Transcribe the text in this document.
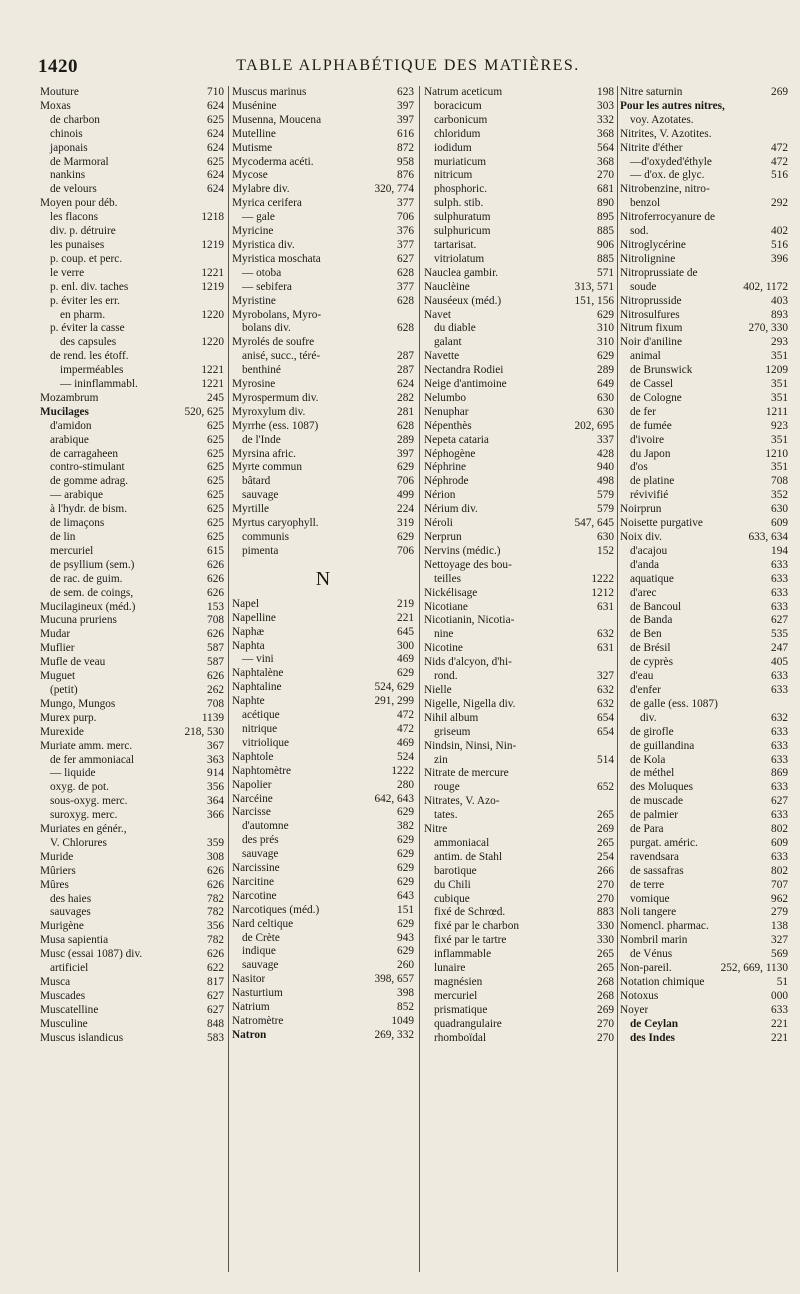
1420	TABLE ALPHABÉTIQUE DES MATIÈRES.
Mouture	710
Moxas	624
de charbon	625
chinois	624
japonais	624
de Marmoral	625
nankins	624
de velours	624
Moyen pour déb.
les flacons	1218
div. p. détruire
les punaises	1219
p. coup. et perc.
le verre	1221
p. enl. div. taches	1219
p. éviter les err.
en pharm.	1220
p. éviter la casse
des capsules	1220
de rend. les étoff.
imperméables	1221
— ininflammabl.	1221
Mozambrum	245
Mucilages	520, 625
d'amidon	625
arabique	625
de carragaheen	625
contro-stimulant	625
de gomme adrag.	625
— arabique	625
à l'hydr. de bism.	625
de limaçons	625
de lin	625
mercuriel	615
de psyllium (sem.)	626
de rac. de guim.	626
de sem. de coings,	626
Mucilagineux (méd.)	153
Mucuna pruriens	708
Mudar	626
Muflier	587
Mufle de veau	587
Muguet	626
(petit)	262
Mungo, Mungos	708
Murex purp.	1139
Murexide	218, 530
Muriate amm. merc.	367
de fer ammoniacal	363
— liquide	914
oxyg. de pot.	356
sous-oxyg. merc.	364
suroxyg. merc.	366
Muriates en génér.,
V. Chlorures	359
Muride	308
Mûriers	626
Mûres	626
des haies	782
sauvages	782
Murigène	356
Musa sapientia	782
Musc (essai 1087) div.	626
artificiel	622
Musca	817
Muscades	627
Muscatelline	627
Musculine	848
Muscus islandicus	583
Muscus marinus	623
Musénine	397
Musenna, Moucena	397
Mutelline	616
Mutisme	872
Mycoderma acéti.	958
Mycose	876
Mylabre div.	320, 774
Myrica cerifera	377
— gale	706
Myricine	376
Myristica div.	377
Myristica moschata	627
— otoba	628
— sebifera	377
Myristine	628
Myrobolans, Myro-
bolans div.	628
Myrolés de soufre
anisé, succ., téré-	287
benthiné	287
Myrosine	624
Myrospermum div.	282
Myroxylum div.	281
Myrrhe (ess. 1087)	628
de l'Inde	289
Myrsina afric.	397
Myrte commun	629
bâtard	706
sauvage	499
Myrtille	224
Myrtus caryophyll.	319
communis	629
pimenta	706
N
Napel	219
Napelline	221
Naphæ	645
Naphta	300
— vini	469
Naphtalène	629
Naphtaline	524, 629
Naphte	291, 299
acétique	472
nitrique	472
vitriolique	469
Naphtole	524
Naphtomètre	1222
Napolier	280
Narcéine	642, 643
Narcisse	629
d'automne	382
des prés	629
sauvage	629
Narcissine	629
Narcitine	629
Narcotine	643
Narcotiques (méd.)	151
Nard celtique	629
de Crète	943
indique	629
sauvage	260
Nasitor	398, 657
Nasturtium	398
Natrium	852
Natromètre	1049
Natron	269, 332
Natrum aceticum	198
boracicum	303
carbonicum	332
chloridum	368
iodidum	564
muriaticum	368
nitricum	270
phosphoric.	681
sulph. stib.	890
sulphuratum	895
sulphuricum	885
tartarisat.	906
vitriolatum	885
Nauclea gambir.	571
Nauclèine	313, 571
Nauséeux (méd.)	151, 156
Navet	629
du diable	310
galant	310
Navette	629
Nectandra Rodiei	289
Neige d'antimoine	649
Nelumbo	630
Nenuphar	630
Népenthès	202, 695
Nepeta cataria	337
Néphogène	428
Néphrine	940
Néphrode	498
Nérion	579
Nérium div.	579
Néroli	547, 645
Nerprun	630
Nervins (médic.)	152
Nettoyage des bou-
teilles	1222
Nickélisage	1212
Nicotiane	631
Nicotianin, Nicotia-
nine	632
Nicotine	631
Nids d'alcyon, d'hi-
rond.	327
Nielle	632
Nigelle, Nigella div.	632
Nihil album	654
griseum	654
Nindsin, Ninsi, Nin-
zin	514
Nitrate de mercure
rouge	652
Nitrates, V. Azo-
tates.	265
Nitre	269
ammoniacal	265
antim. de Stahl	254
barotique	266
du Chili	270
cubique	270
fixé de Schrœd.	883
fixé par le charbon	330
fixé par le tartre	330
inflammable	265
lunaire	265
magnésien	268
mercuriel	268
prismatique	269
quadrangulaire	270
rhomboïdal	270
Nitre saturnin	269
Pour les autres nitres,
voy. Azotates.
Nitrites, V. Azotites.
Nitrite d'éther	472
—d'oxyded'éthyle	472
— d'ox. de glyc.	516
Nitrobenzine, nitro-
benzol	292
Nitroferrocyanure de
sod.	402
Nitroglycérine	516
Nitrolignine	396
Nitroprussiate de
soude	402, 1172
Nitroprusside	403
Nitrosulfures	893
Nitrum fixum	270, 330
Noir d'aniline	293
animal	351
de Brunswick	1209
de Cassel	351
de Cologne	351
de fer	1211
de fumée	923
d'ivoire	351
du Japon	1210
d'os	351
de platine	708
révivifié	352
Noirprun	630
Noisette purgative	609
Noix div.	633, 634
d'acajou	194
d'anda	633
aquatique	633
d'arec	633
de Bancoul	633
de Banda	627
de Ben	535
de Brésil	247
de cyprès	405
d'eau	633
d'enfer	633
de galle (ess. 1087)
div.	632
de girofle	633
de guillandina	633
de Kola	633
de méthel	869
des Moluques	633
de muscade	627
de palmier	633
de Para	802
purgat. améric.	609
ravendsara	633
de sassafras	802
de terre	707
vomique	962
Noli tangere	279
Nomencl. pharmac.	138
Nombril marin	327
de Vénus	569
Non-pareil.	252, 669, 1130
Notation chimique	51
Notoxus	000
Noyer	633
de Ceylan	221
des Indes	221
